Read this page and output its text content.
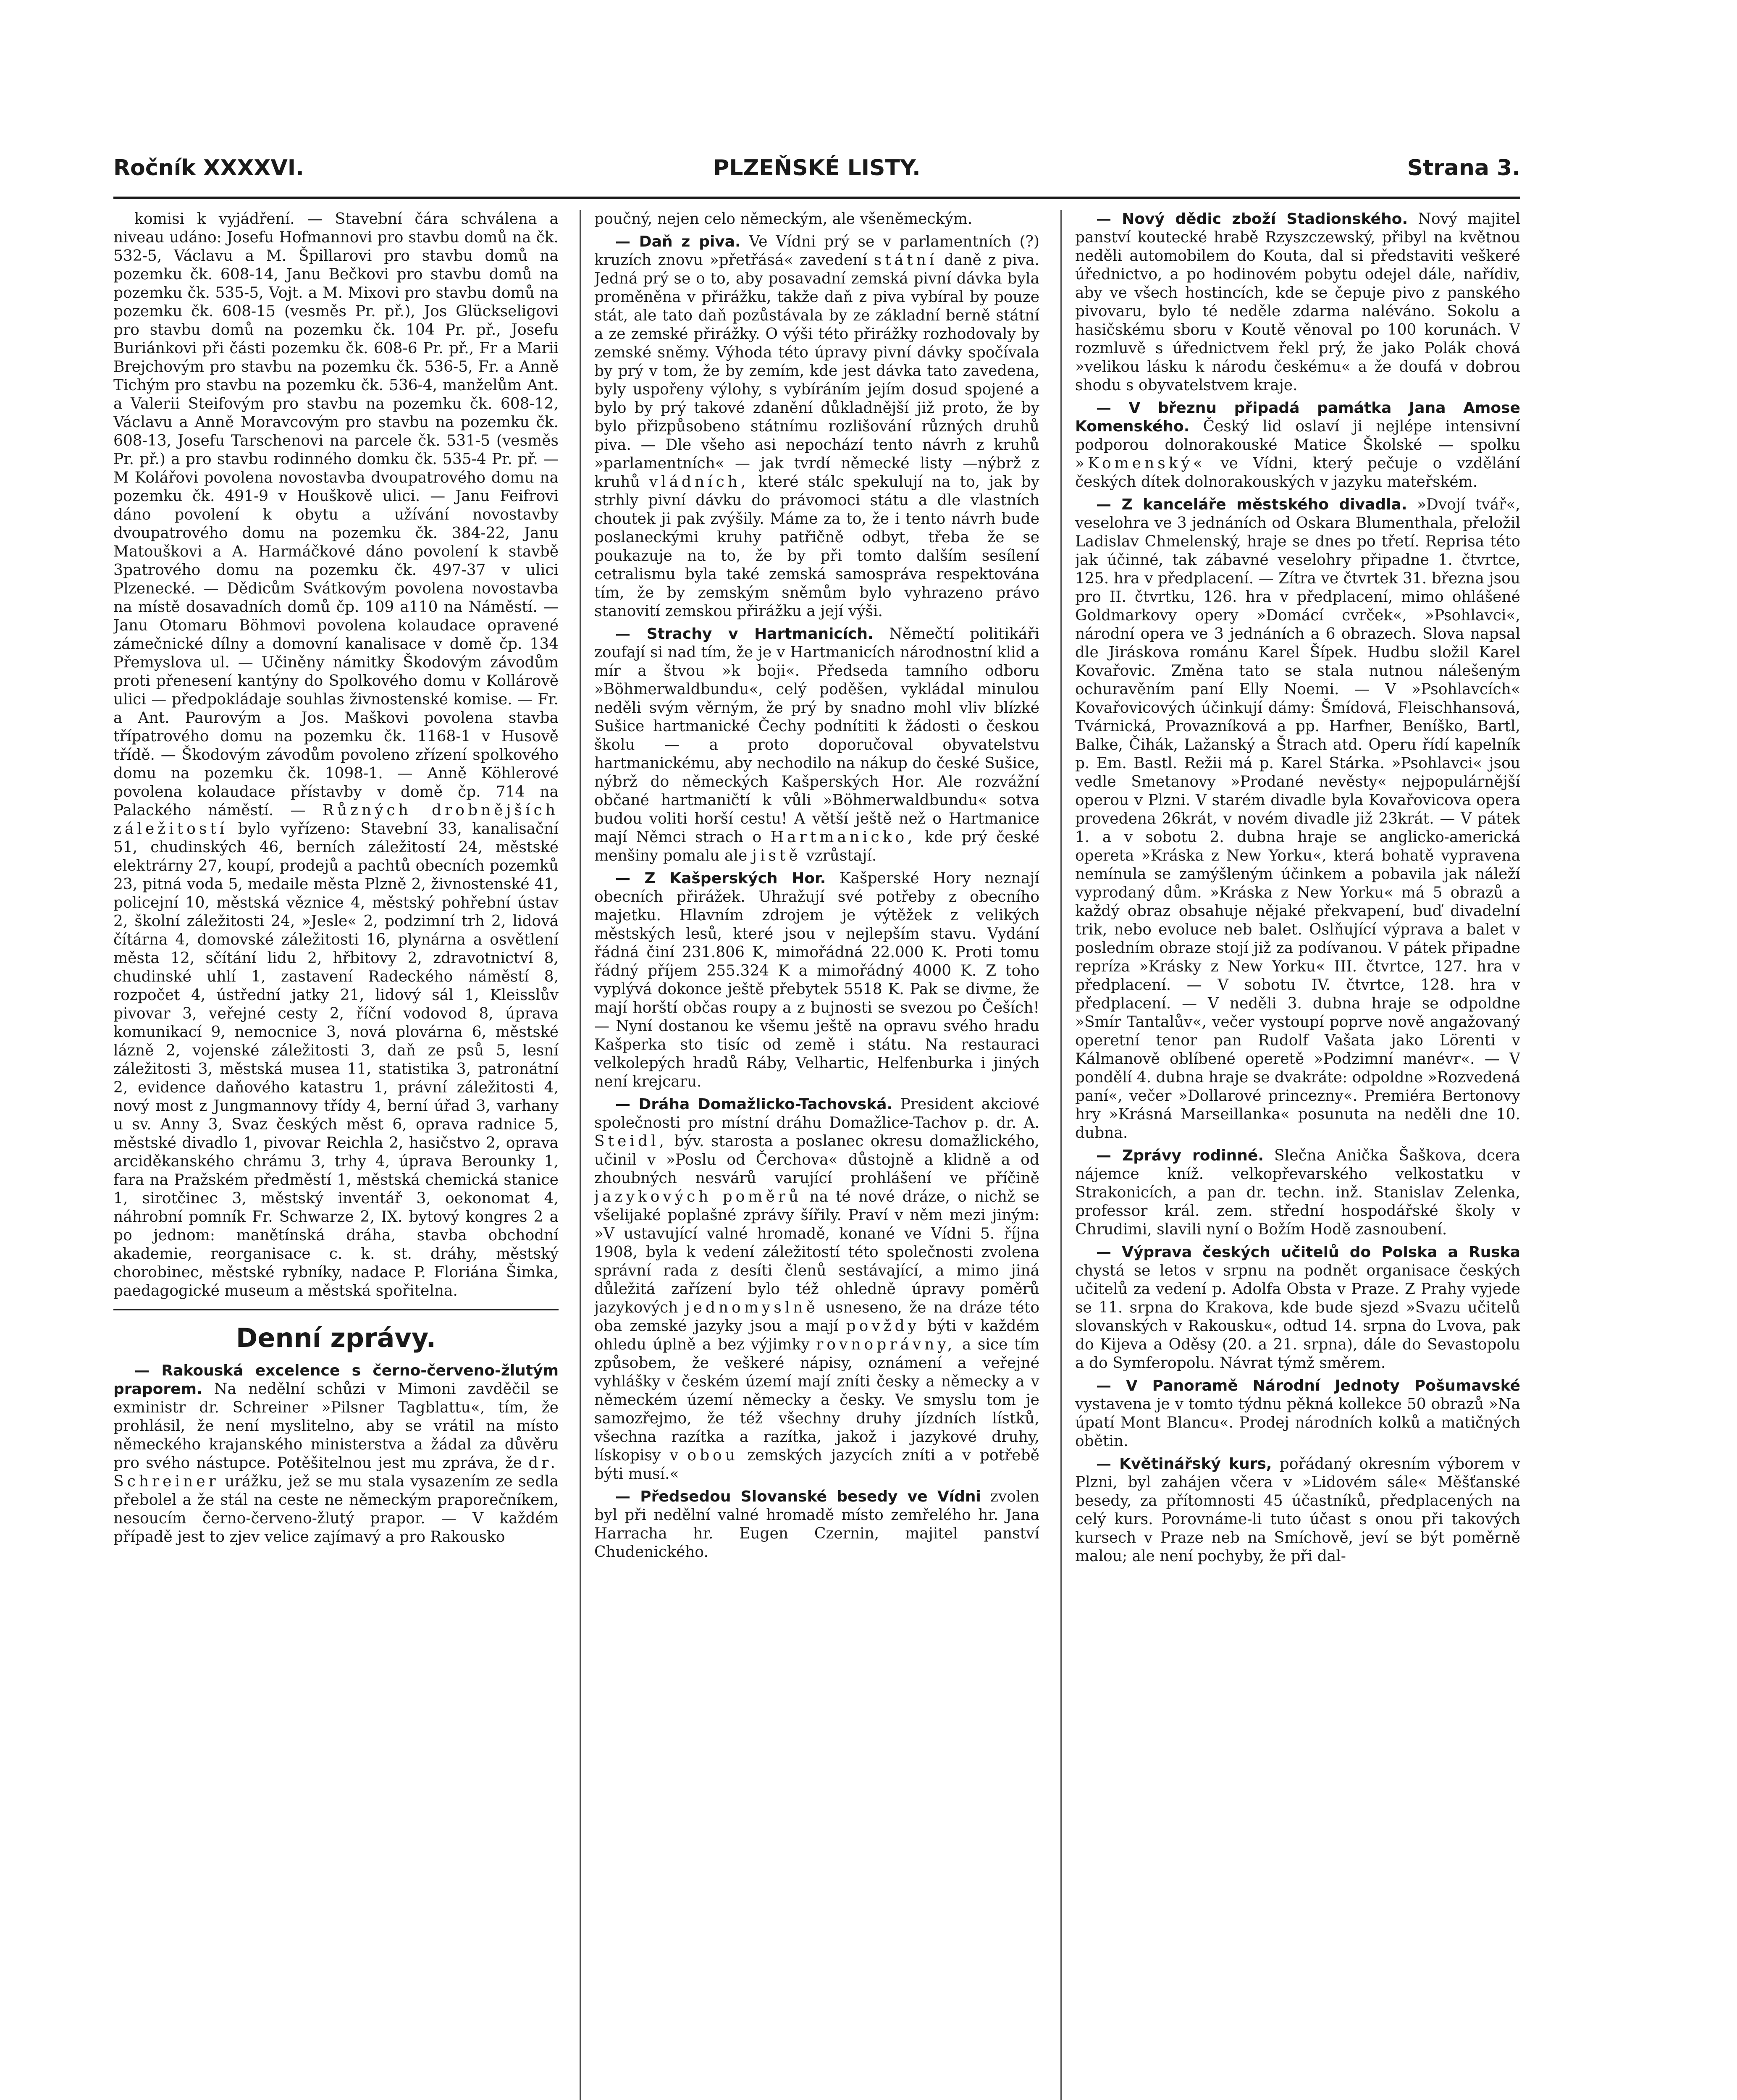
Ročník XXXXVI.	PLZEŇSKÉ LISTY.	Strana 3.

komisi k vyjádření. — Stavební čára schválena a niveau udáno: Josefu Hofmannovi pro stavbu domů na čk. 532-5, Václavu a M. Špillarovi pro stavbu domů na pozemku čk. 608-14, Janu Bečkovi pro stavbu domů na pozemku čk. 535-5, Vojt. a M. Mixovi pro stavbu domů na pozemku čk. 608-15 (vesměs Pr. př.), Jos Glückseligovi pro stavbu domů na pozemku čk. 104 Pr. př., Josefu Buriánkovi při části pozemku čk. 608-6 Pr. př., Fr a Marii Brejchovým pro stavbu na pozemku čk. 536-5, Fr. a Anně Tichým pro stavbu na pozemku čk. 536-4, manželům Ant. a Valerii Steifovým pro stavbu na pozemku čk. 608-12, Václavu a Anně Moravcovým pro stavbu na pozemku čk. 608-13, Josefu Tarschenovi na parcele čk. 531-5 (vesměs Pr. př.) a pro stavbu rodinného domku čk. 535-4 Pr. př. — M Kolářovi povolena novostavba dvoupatrového domu na pozemku čk. 491-9 v Houškově ulici. — Janu Feifrovi dáno povolení k obytu a užívání novostavby dvoupatrového domu na pozemku čk. 384-22, Janu Matouškovi a A. Harmáčkové dáno povolení k stavbě 3patrového domu na pozemku čk. 497-37 v ulici Plzenecké. — Dědicům Svátkovým povolena novostavba na místě dosavadních domů čp. 109 a110 na Náměstí. — Janu Otomaru Böhmovi povolena kolaudace opravené zámečnické dílny a domovní kanalisace v domě čp. 134 Přemyslova ul. — Učiněny námitky Škodovým závodům proti přenesení kantýny do Spolkového domu v Kollárově ulici — předpokládaje souhlas živnostenské komise. — Fr. a Ant. Paurovým a Jos. Maškovi povolena stavba třípatrového domu na pozemku čk. 1168-1 v Husově třídě. — Škodovým závodům povoleno zřízení spolkového domu na pozemku čk. 1098-1. — Anně Köhlerové povolena kolaudace přístavby v domě čp. 714 na Palackého náměstí. — Různých drobnějších záležitostí bylo vyřízeno: Stavební 33, kanalisační 51, chudinských 46, berních záležitostí 24, městské elektrárny 27, koupí, prodejů a pachtů obecních pozemků 23, pitná voda 5, medaile města Plzně 2, živnostenské 41, policejní 10, městská věznice 4, městský pohřební ústav 2, školní záležitosti 24, »Jesle« 2, podzimní trh 2, lidová čítárna 4, domovské záležitosti 16, plynárna a osvětlení města 12, sčítání lidu 2, hřbitovy 2, zdravotnictví 8, chudinské uhlí 1, zastavení Radeckého náměstí 8, rozpočet 4, ústřední jatky 21, lidový sál 1, Kleisslův pivovar 3, veřejné cesty 2, říční vodovod 8, úprava komunikací 9, nemocnice 3, nová plovárna 6, městské lázně 2, vojenské záležitosti 3, daň ze psů 5, lesní záležitosti 3, městská musea 11, statistika 3, patronátní 2, evidence daňového katastru 1, právní záležitosti 4, nový most z Jungmannovy třídy 4, berní úřad 3, varhany u sv. Anny 3, Svaz českých měst 6, oprava radnice 5, městské divadlo 1, pivovar Reichla 2, hasičstvo 2, oprava arciděkanského chrámu 3, trhy 4, úprava Berounky 1, fara na Pražském předměstí 1, městská chemická stanice 1, sirotčinec 3, městský inventář 3, oekonomat 4, náhrobní pomník Fr. Schwarze 2, IX. bytový kongres 2 a po jednom: manětínská dráha, stavba obchodní akademie, reorganisace c. k. st. dráhy, městský chorobinec, městské rybníky, nadace P. Floriána Šimka, paedagogické museum a městská spořitelna.

Denní zprávy.

— Rakouská excelence s černo-červeno-žlutým praporem. Na nedělní schůzi v Mimoni zavděčil se exministr dr. Schreiner »Pilsner Tagblattu«, tím, že prohlásil, že není myslitelno, aby se vrátil na místo německého krajanského ministerstva a žádal za důvěru pro svého nástupce. Potěšitelnou jest mu zprávа, že dr. Schreiner urážku, jež se mu stala vysazením ze sedla přebolel a že stál na ceste ne německým praporečníkem, nesoucím černo-červeno-žlutý prapor. — V každém případě jest to zjev velice zajímavý a pro Rakousko

poučný, nejen celo německým, ale všeněmeckým.

— Daň z piva. Ve Vídni prý se v parlamentních (?) kruzích znovu »přetřásá« zavedení státní daně z piva. Jedná prý se o to, aby posavadní zemská pivní dávka byla proměněna v přirážku, takže daň z piva vybíral by pouze stát, ale tato daň pozůstávala by ze základní berně státní a ze zemské přirážky. O výši této přirážky rozhodovaly by zemské sněmy. Výhoda této úpravy pivní dávky spočívala by prý v tom, že by zemím, kde jest dávka tato zavedena, byly uspořeny výlohy, s vybíráním jejím dosud spojené a bylo by prý takové zdanění důkladnější již proto, že by bylo přizpůsobeno státnímu rozlišování různých druhů piva. — Dle všeho asi nepochází tento návrh z kruhů »parlamentních« — jak tvrdí německé listy —nýbrž z kruhů vládních, které stálc spekulují na to, jak by strhly pivní dávku do právomoci státu a dle vlastních choutek ji pak zvýšily. Máme za to, že i tento návrh bude poslaneckými kruhy patřičně odbyt, třeba že se poukazuje na to, že by při tomto dalším sesílení cetralismu byla také zemská samospráva respektována tím, že by zemským sněmům bylo vyhrazeno právo stanovití zemskou přirážku a její výši.

— Strachy v Hartmanicích. Němečtí politikáři zoufají si nad tím, že je v Hartmanicích národnostní klid a mír a štvou »k boji«. Předseda tamního odboru »Böhmerwaldbundu«, celý poděšen, vykládal minulou neděli svým věrným, že prý by snadno mohl vliv blízké Sušice hartmanické Čechy podnítiti k žádosti o českou školu — a proto doporučoval obyvatelstvu hartmanickému, aby nechodilo na nákup do české Sušice, nýbrž do německých Kašperských Hor. Ale rozvážní občané hartmaničtí k vůli »Böhmerwaldbundu« sotva budou voliti horší cestu! A větší ještě než o Hartmanice mají Němci strach o Hartmanicko, kde prý české menšiny pomalu ale jistě vzrůstají.

— Z Kašperských Hor. Kašperské Hory neznají obecních přirážek. Uhražují své potřeby z obecního majetku. Hlavním zdrojem je výtěžek z velikých městských lesů, které jsou v nejlepším stavu. Vydání řádná činí 231.806 K, mimořádná 22.000 K. Proti tomu řádný příjem 255.324 K a mimořádný 4000 K. Z toho vyplývá dokonce ještě přebytek 5518 K. Pak se divme, že mají horští občas roupy a z bujnosti se svezou po Češích! — Nyní dostanou ke všemu ještě na opravu svého hradu Kašperka sto tisíc od země i státu. Na restauraci velkolepých hradů Ráby, Velhartic, Helfenburka i jiných není krejcaru.

— Dráha Domažlicko-Tachovská. President akciové společnosti pro místní dráhu Domažlice-Tachov p. dr. A. Steidl, býv. starosta a poslanec okresu domažlického, učinil v »Poslu od Čerchova« důstojně a klidně a od zhoubných nesvárů varující prohlášení ve příčině jazykových poměrů na té nové dráze, o nichž se všelijaké poplašné zprávy šířily. Praví v něm mezi jiným: »V ustavující valné hromadě, konané ve Vídni 5. října 1908, byla k vedení záležitostí této společnosti zvolena správní rada z desíti členů sestávající, a mimo jiná důležitá zařízení bylo též ohledně úpravy poměrů jazykových jednomyslně usneseno, že na dráze této oba zemské jazyky jsou a mají povždy býti v každém ohledu úplně a bez výjimky rovnoprávny, a sice tím způsobem, že veškeré nápisy, oznámení a veřejné vyhlášky v českém území mají zníti česky a německy a v německém území německy a česky. Ve smyslu tom je samozřejmo, že též všechny druhy jízdních lístků, všechna razítka a razítka, jakož i jazykové druhy, lískopisy v obou zemských jazycích zníti a v potřebě býti musí.«

— Předsedou Slovanské besedy ve Vídni zvolen byl při nedělní valné hromadě místo zemřelého hr. Jana Harracha hr. Eugen Czernin, majitel panství Chudenického.

— Nový dědic zboží Stadionského. Nový majitel panství koutecké hrabě Rzyszczewský, přibyl na květnou neděli automobilem do Kouta, dal si představiti veškeré úřednictvo, a po hodinovém pobytu odejel dále, nařídiv, aby ve všech hostincích, kde se čepuje pivo z panského pivovaru, bylo té neděle zdarma naléváno. Sokolu a hasičskému sboru v Koutě věnoval po 100 korunách. V rozmluvě s úřednictvem řekl prý, že jako Polák chová »velikou lásku k národu českému« a že doufá v dobrou shodu s obyvatelstvem kraje.

— V březnu připadá památka Jana Amose Komenského. Český lid oslaví ji nejlépe intensivní podporou dolnorakouské Matice Školské — spolku »Komenský« ve Vídni, který pečuje o vzdělání českých dítek dolnorakouských v jazyku mateřském.

— Z kanceláře městského divadla. »Dvojí tvář«, veselohra ve 3 jednáních od Oskara Blumenthala, přeložil Ladislav Chmelenský, hraje se dnes po třetí. Reprisa této jak účinné, tak zábavné veselohry připadne 1. čtvrtce, 125. hra v předplacení. — Zítra ve čtvrtek 31. března jsou pro II. čtvrtku, 126. hra v předplacení, mimo ohlášené Goldmarkovy opery »Domácí cvrček«, »Psohlavci«, národní opera ve 3 jednáních a 6 obrazech. Slova napsal dle Jiráskova románu Karel Šípek. Hudbu složil Karel Kovařovic. Změna tato se stala nutnou nálešeným ochuravěním paní Elly Noemi. — V »Psohlavcích« Kovařovicových účinkují dámy: Šmídová, Fleischhansová, Tvárnická, Provazníková a pp. Harfner, Beníško, Bartl, Balke, Čihák, Lažanský a Štrach atd. Operu řídí kapelník p. Em. Bastl. Režii má p. Karel Stárka. »Psohlavci« jsou vedle Smetanovy »Prodané nevěsty« nejpopulárnější operou v Plzni. V starém divadle byla Kovařovicova opera provedena 26krát, v novém divadle již 23krát. — V pátek 1. a v sobotu 2. dubna hraje se anglicko-americká opereta »Kráska z New Yorku«, která bohatě vypravena nemínula se zamýšleným účinkem a pobavila jak náleží vyprodaný dům. »Kráska z New Yorku« má 5 obrazů a každý obraz obsahuje nějaké překvapení, buď divadelní trik, nebo evoluce neb balet. Oslňující výprava a balet v posledním obraze stojí již za podívanou. V pátek připadne repríza »Krásky z New Yorku« III. čtvrtce, 127. hra v předplacení. — V sobotu IV. čtvrtce, 128. hra v předplacení. — V neděli 3. dubna hraje se odpoldne »Smír Tantalův«, večer vystoupí poprve nově angažovaný operetní tenor pan Rudolf Vašata jako Lörenti v Kálmanově oblíbené operetě »Podzimní manévr«. — V pondělí 4. dubna hraje se dvakráte: odpoldne »Rozvedená paní«, večer »Dollarové princezny«. Premiéra Bertonovy hry »Krásná Marseillanka« posunuta na neděli dne 10. dubna.

— Zprávy rodinné. Slečna Anička Šaškova, dcera nájemce kníž. velkopřevarského velkostatku v Strakonicích, a pan dr. techn. inž. Stanislav Zelenka, professor král. zem. střední hospodářské školy v Chrudimi, slavili nyní o Božím Hodě zasnoubení.

— Výprava českých učitelů do Polska a Ruska chystá se letos v srpnu na podnět organisace českých učitelů za vedení p. Adolfa Obsta v Praze. Z Prahy vyjede se 11. srpna do Krakova, kde bude sjezd »Svazu učitelů slovanských v Rakousku«, odtud 14. srpna do Lvova, pak do Kijeva a Oděsy (20. a 21. srpna), dále do Sevastopolu a do Symferopolu. Návrat týmž směrem.

— V Panoramě Národní Jednoty Pošumavské vystavena je v tomto týdnu pěkná kollekce 50 obrazů »Na úpatí Mont Blancu«. Prodej národních kolků a matičných obětin.

— Květinářský kurs, pořádaný okresním výborem v Plzni, byl zahájen včera v »Lidovém sále« Měšťanské besedy, za přítomnosti 45 účastníků, předplacených na celý kurs. Porovnáme-li tuto účast s onou při takových kursech v Praze neb na Smíchově, jeví se být poměrně malou; ale není pochyby, že při dal-
